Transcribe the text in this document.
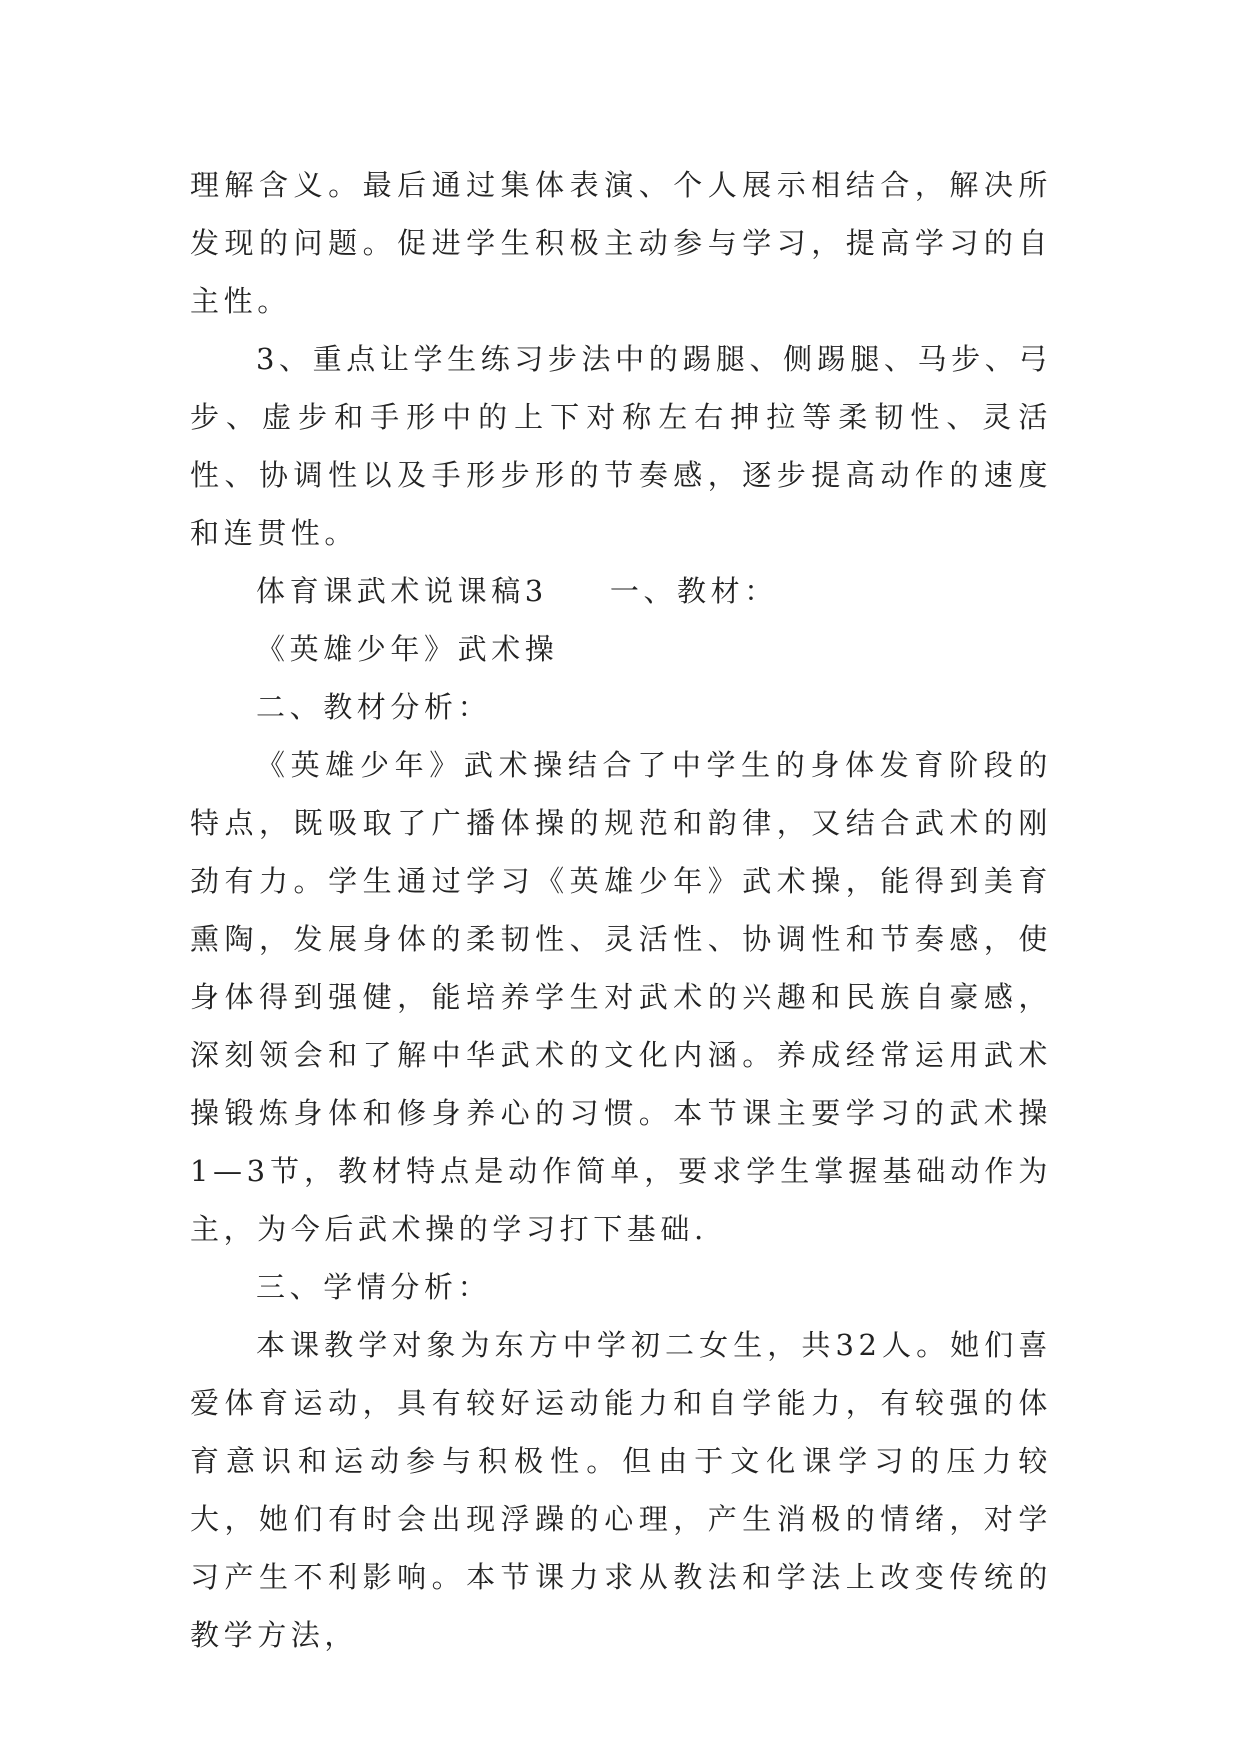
理解含义。最后通过集体表演、个人展示相结合，解决所发现的问题。促进学生积极主动参与学习，提高学习的自主性。

3、重点让学生练习步法中的踢腿、侧踢腿、马步、弓步、虚步和手形中的上下对称左右抻拉等柔韧性、灵活性、协调性以及手形步形的节奏感，逐步提高动作的速度和连贯性。

体育课武术说课稿3 一、教材：

《英雄少年》武术操

二、教材分析：

《英雄少年》武术操结合了中学生的身体发育阶段的特点，既吸取了广播体操的规范和韵律，又结合武术的刚劲有力。学生通过学习《英雄少年》武术操，能得到美育熏陶，发展身体的柔韧性、灵活性、协调性和节奏感，使身体得到强健，能培养学生对武术的兴趣和民族自豪感，深刻领会和了解中华武术的文化内涵。养成经常运用武术操锻炼身体和修身养心的习惯。本节课主要学习的武术操1—3节，教材特点是动作简单，要求学生掌握基础动作为主，为今后武术操的学习打下基础.

三、学情分析：

本课教学对象为东方中学初二女生，共32人。她们喜爱体育运动，具有较好运动能力和自学能力，有较强的体育意识和运动参与积极性。但由于文化课学习的压力较大，她们有时会出现浮躁的心理，产生消极的情绪，对学习产生不利影响。本节课力求从教法和学法上改变传统的教学方法，
